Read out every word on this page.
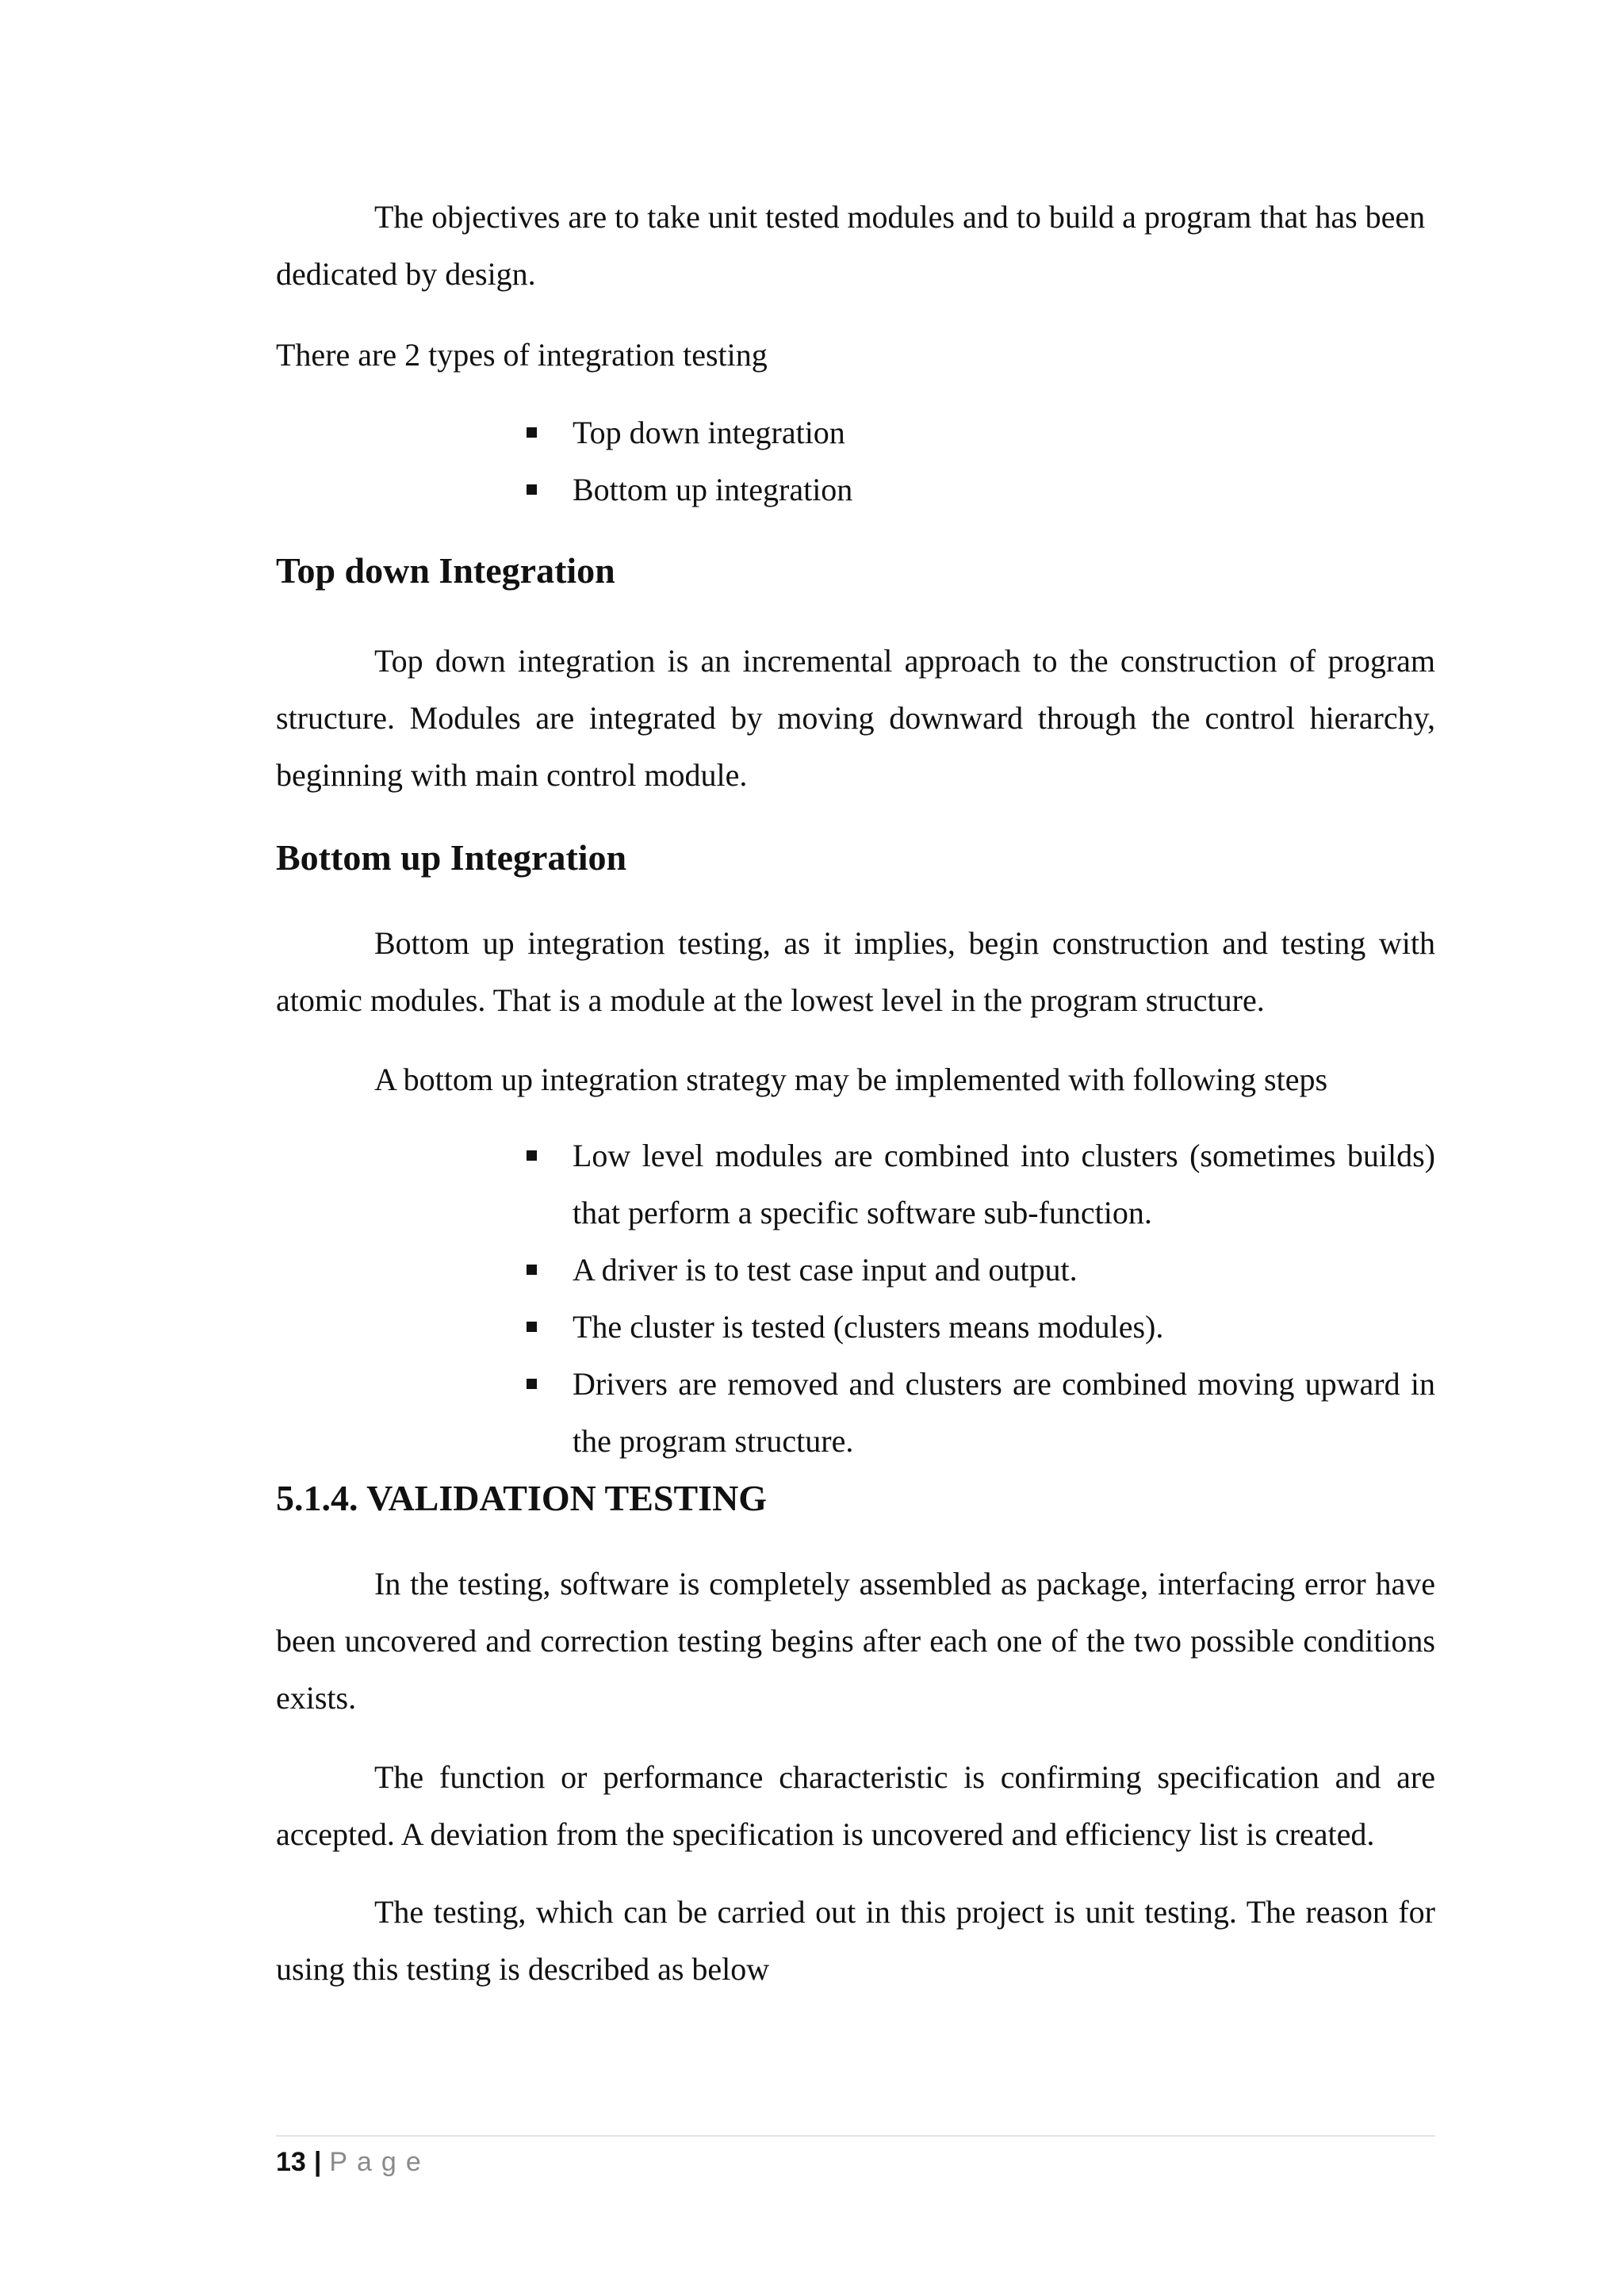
The objectives are to take unit tested modules and to build a program that has been dedicated by design.

There are 2 types of integration testing

Top down integration
Bottom up integration
Top down Integration

Top down integration is an incremental approach to the construction of program structure. Modules are integrated by moving downward through the control hierarchy, beginning with main control module.

Bottom up Integration

Bottom up integration testing, as it implies, begin construction and testing with atomic modules. That is a module at the lowest level in the program structure.

A bottom up integration strategy may be implemented with following steps

Low level modules are combined into clusters (sometimes builds) that perform a specific software sub-function.
A driver is to test case input and output.
The cluster is tested (clusters means modules).
Drivers are removed and clusters are combined moving upward in the program structure.
5.1.4. VALIDATION TESTING

In the testing, software is completely assembled as package, interfacing error have been uncovered and correction testing begins after each one of the two possible conditions exists.

The function or performance characteristic is confirming specification and are accepted. A deviation from the specification is uncovered and efficiency list is created.

The testing, which can be carried out in this project is unit testing. The reason for using this testing is described as below

13 | Page
